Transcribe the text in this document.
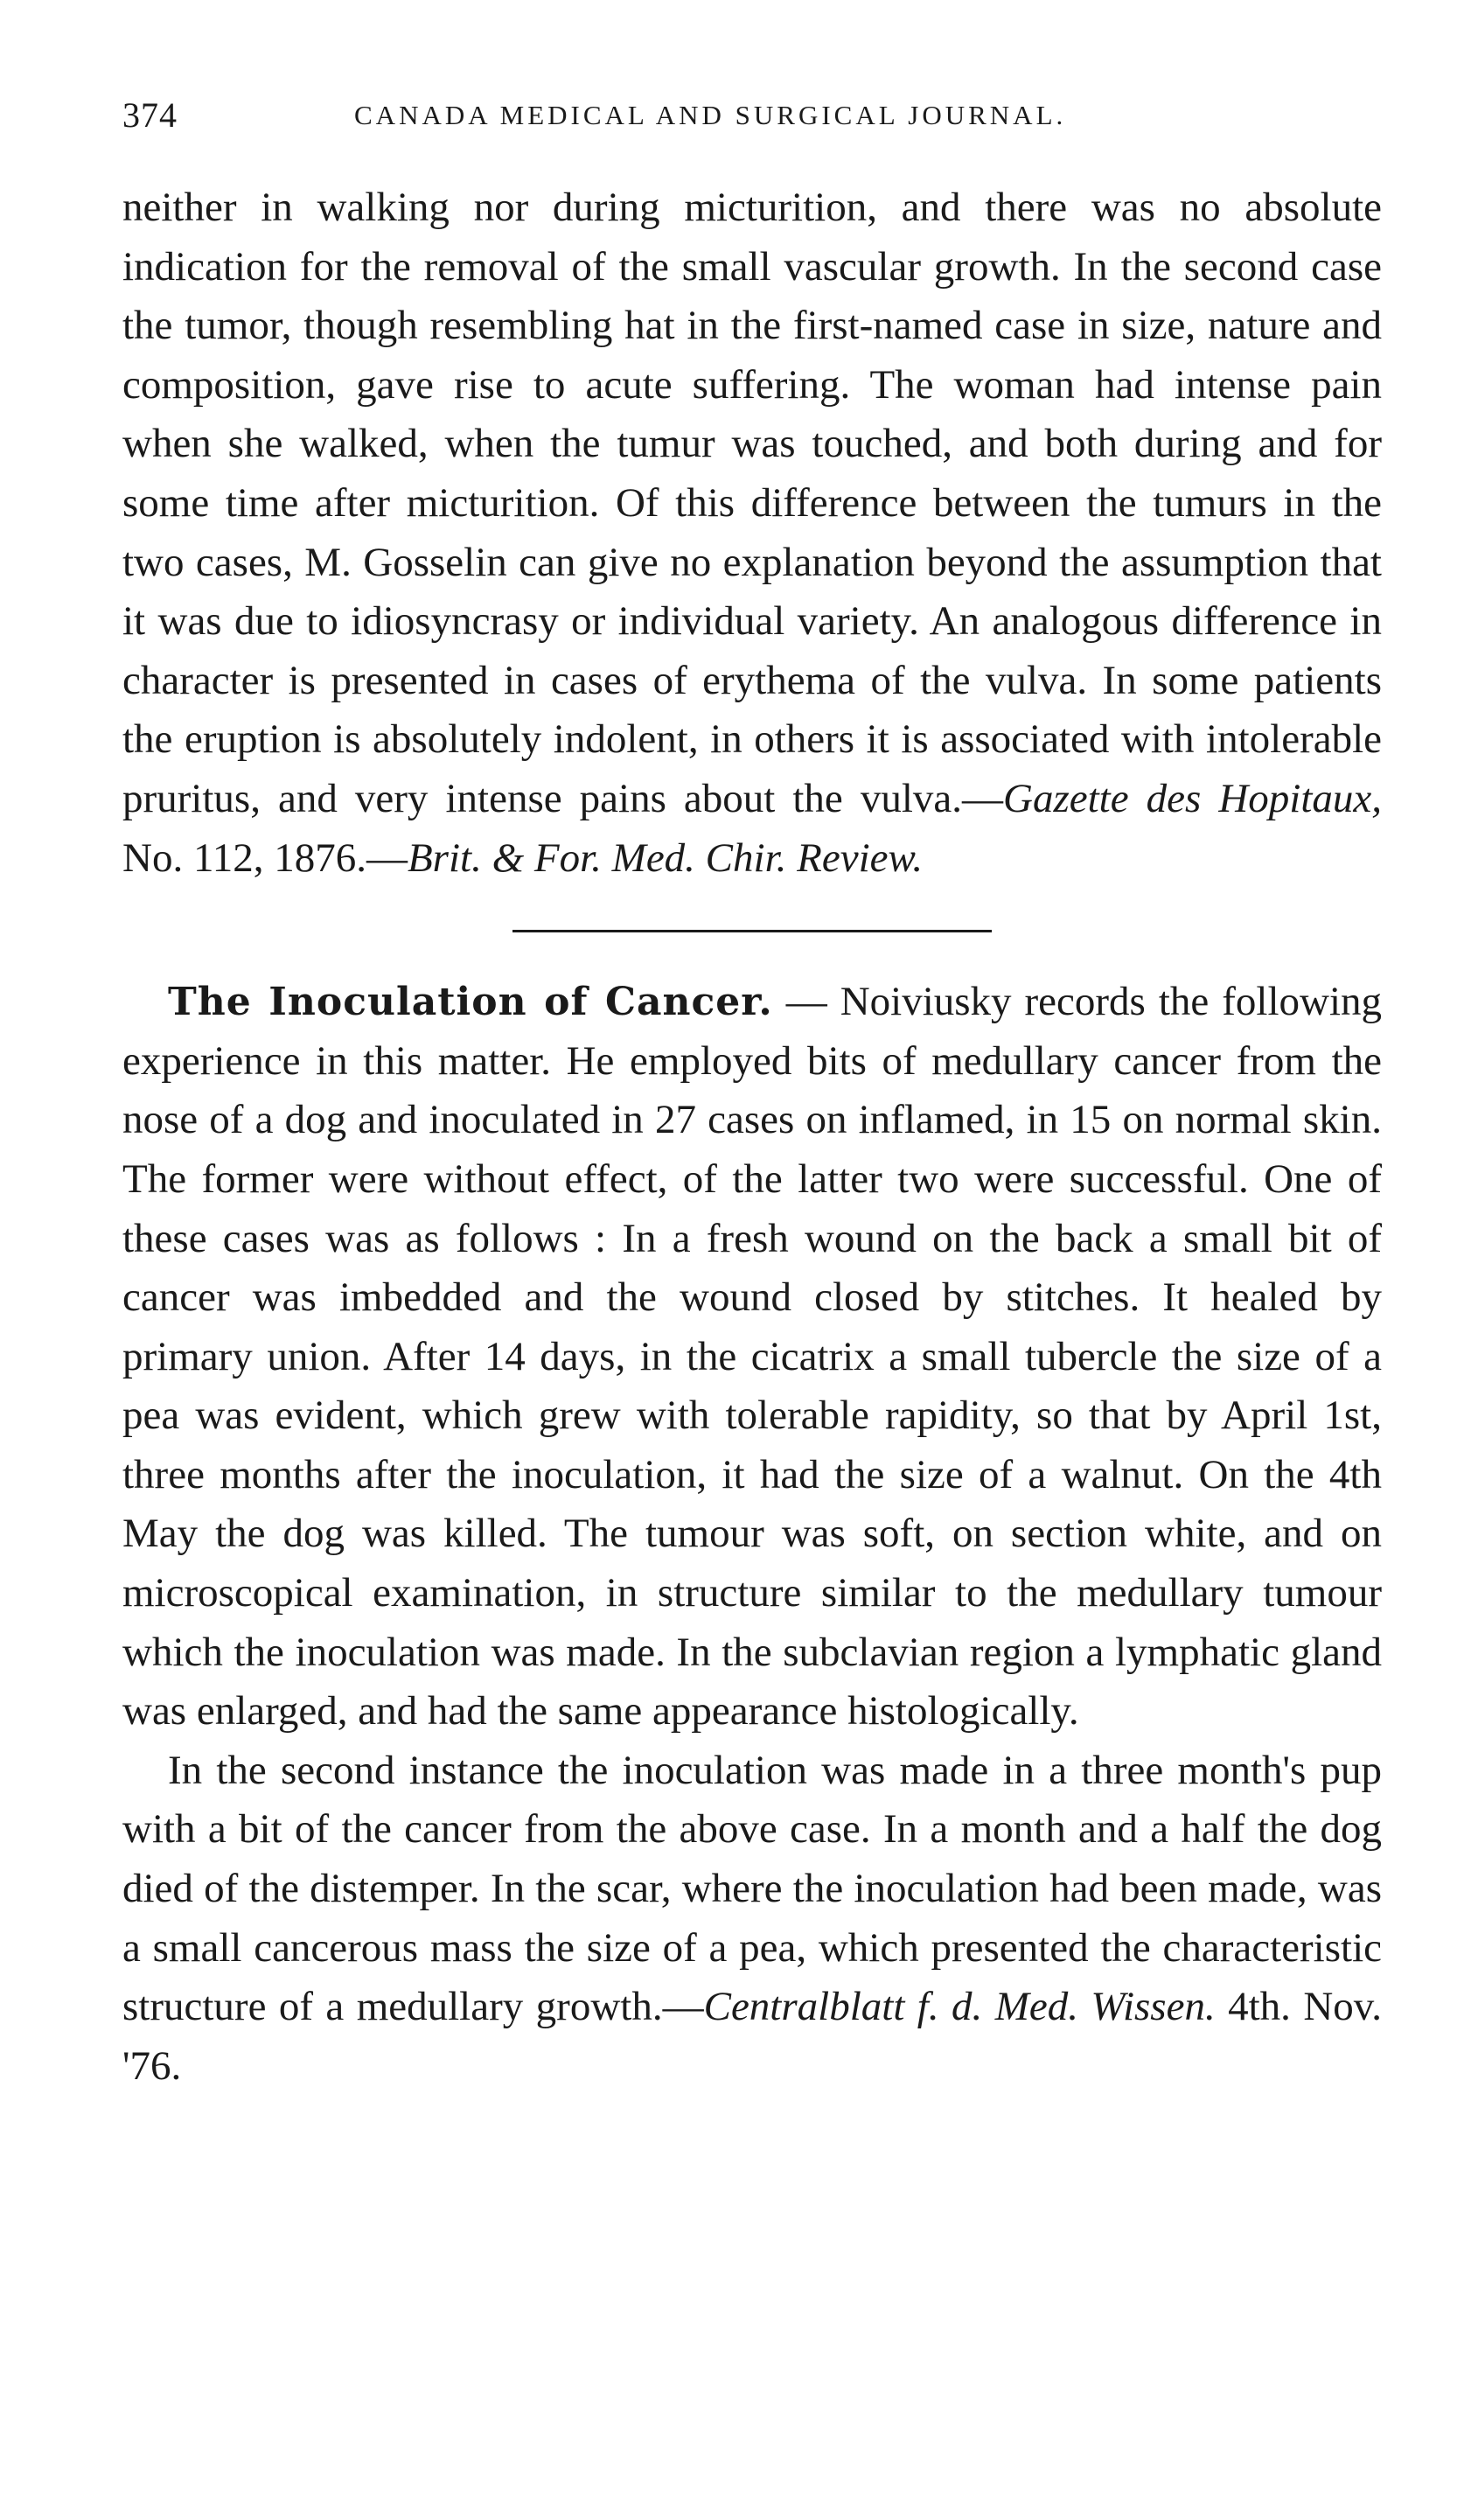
374	CANADA MEDICAL AND SURGICAL JOURNAL.

neither in walking nor during micturition, and there was no absolute indication for the removal of the small vascular growth. In the second case the tumor, though resembling hat in the first-named case in size, nature and composition, gave rise to acute suffering. The woman had intense pain when she walked, when the tumur was touched, and both during and for some time after micturition. Of this difference between the tumurs in the two cases, M. Gosselin can give no explanation beyond the assumption that it was due to idiosyncrasy or individual variety. An analogous difference in character is presented in cases of erythema of the vulva. In some patients the eruption is absolutely indolent, in others it is associated with intolerable pruritus, and very intense pains about the vulva.—Gazette des Hopitaux, No. 112, 1876.—Brit. & For. Med. Chir. Review.

The Inoculation of Cancer. — Noiviusky records the following experience in this matter. He employed bits of medullary cancer from the nose of a dog and inoculated in 27 cases on inflamed, in 15 on normal skin. The former were without effect, of the latter two were successful. One of these cases was as follows : In a fresh wound on the back a small bit of cancer was imbedded and the wound closed by stitches. It healed by primary union. After 14 days, in the cicatrix a small tubercle the size of a pea was evident, which grew with tolerable rapidity, so that by April 1st, three months after the inoculation, it had the size of a walnut. On the 4th May the dog was killed. The tumour was soft, on section white, and on microscopical examination, in structure similar to the medullary tumour which the inoculation was made. In the subclavian region a lymphatic gland was enlarged, and had the same appearance histologically.

In the second instance the inoculation was made in a three month's pup with a bit of the cancer from the above case. In a month and a half the dog died of the distemper. In the scar, where the inoculation had been made, was a small cancerous mass the size of a pea, which presented the characteristic structure of a medullary growth.—Centralblatt f. d. Med. Wissen. 4th. Nov. '76.
